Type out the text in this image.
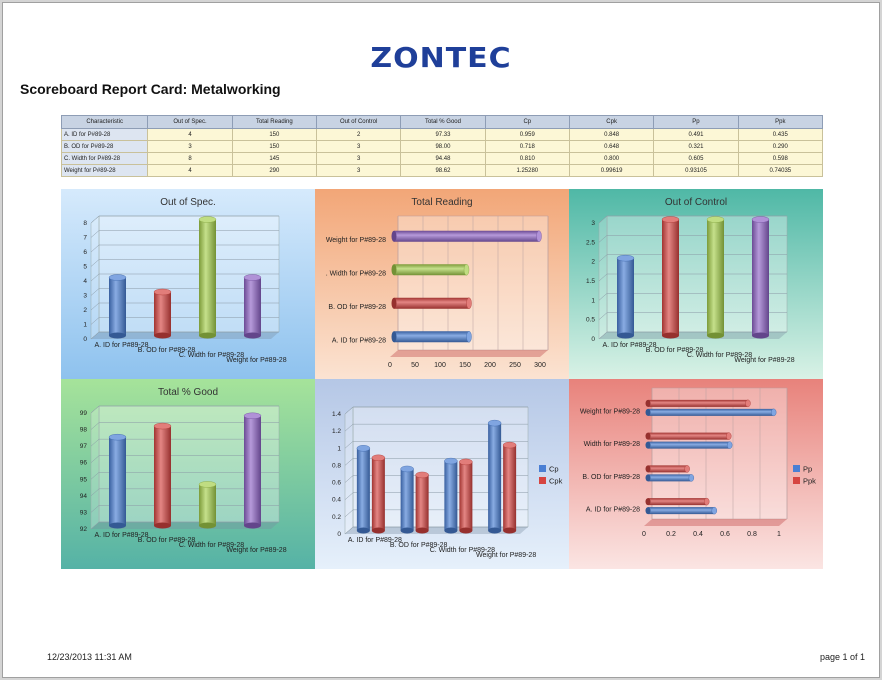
ZONTEC
Scoreboard Report Card: Metalworking
Characteristic	Out of Spec.	Total Reading	Out of Control	Total % Good	Cp	Cpk	Pp	Ppk
A. ID for P#89-28	4	150	2	97.33	0.959	0.848	0.491	0.435
B. OD for P#89-28	3	150	3	98.00	0.718	0.648	0.321	0.290
C. Width for P#89-28	8	145	3	94.48	0.810	0.800	0.605	0.598
Weight for P#89-28	4	290	3	98.62	1.25280	0.99619	0.93105	0.74035
Out of Spec.
0
1
2
3
4
5
6
7
8
A. ID for P#89-28
B. OD for P#89-28
C. Width for P#89-28
Weight for P#89-28
Total Reading
0	50 100 150 200 250 300
A. ID for P#89-28
B. OD for P#89-28
. Width for P#89-28
Weight for P#89-28
Out of Control
0
0.5
1
1.5
2
2.5
3
A. ID for P#89-28
B. OD for P#89-28
C. Width for P#89-28
Weight for P#89-28
Total % Good
92
93
94
95
96
97
98
99
A. ID for P#89-28
B. OD for P#89-28
C. Width for P#89-28
Weight for P#89-28
0
0.2
0.4
0.6
0.8
1
1.2
1.4
A. ID for P#89-28
B. OD for P#89-28
C. Width for P#89-28
Weight for P#89-28
Cp
Cpk
0	0.2 0.4 0.6 0.8	1
A. ID for P#89-28
B. OD for P#89-28
Width for P#89-28
Weight for P#89-28
Pp
Ppk
12/23/2013 11:31 AM	page 1 of 1
